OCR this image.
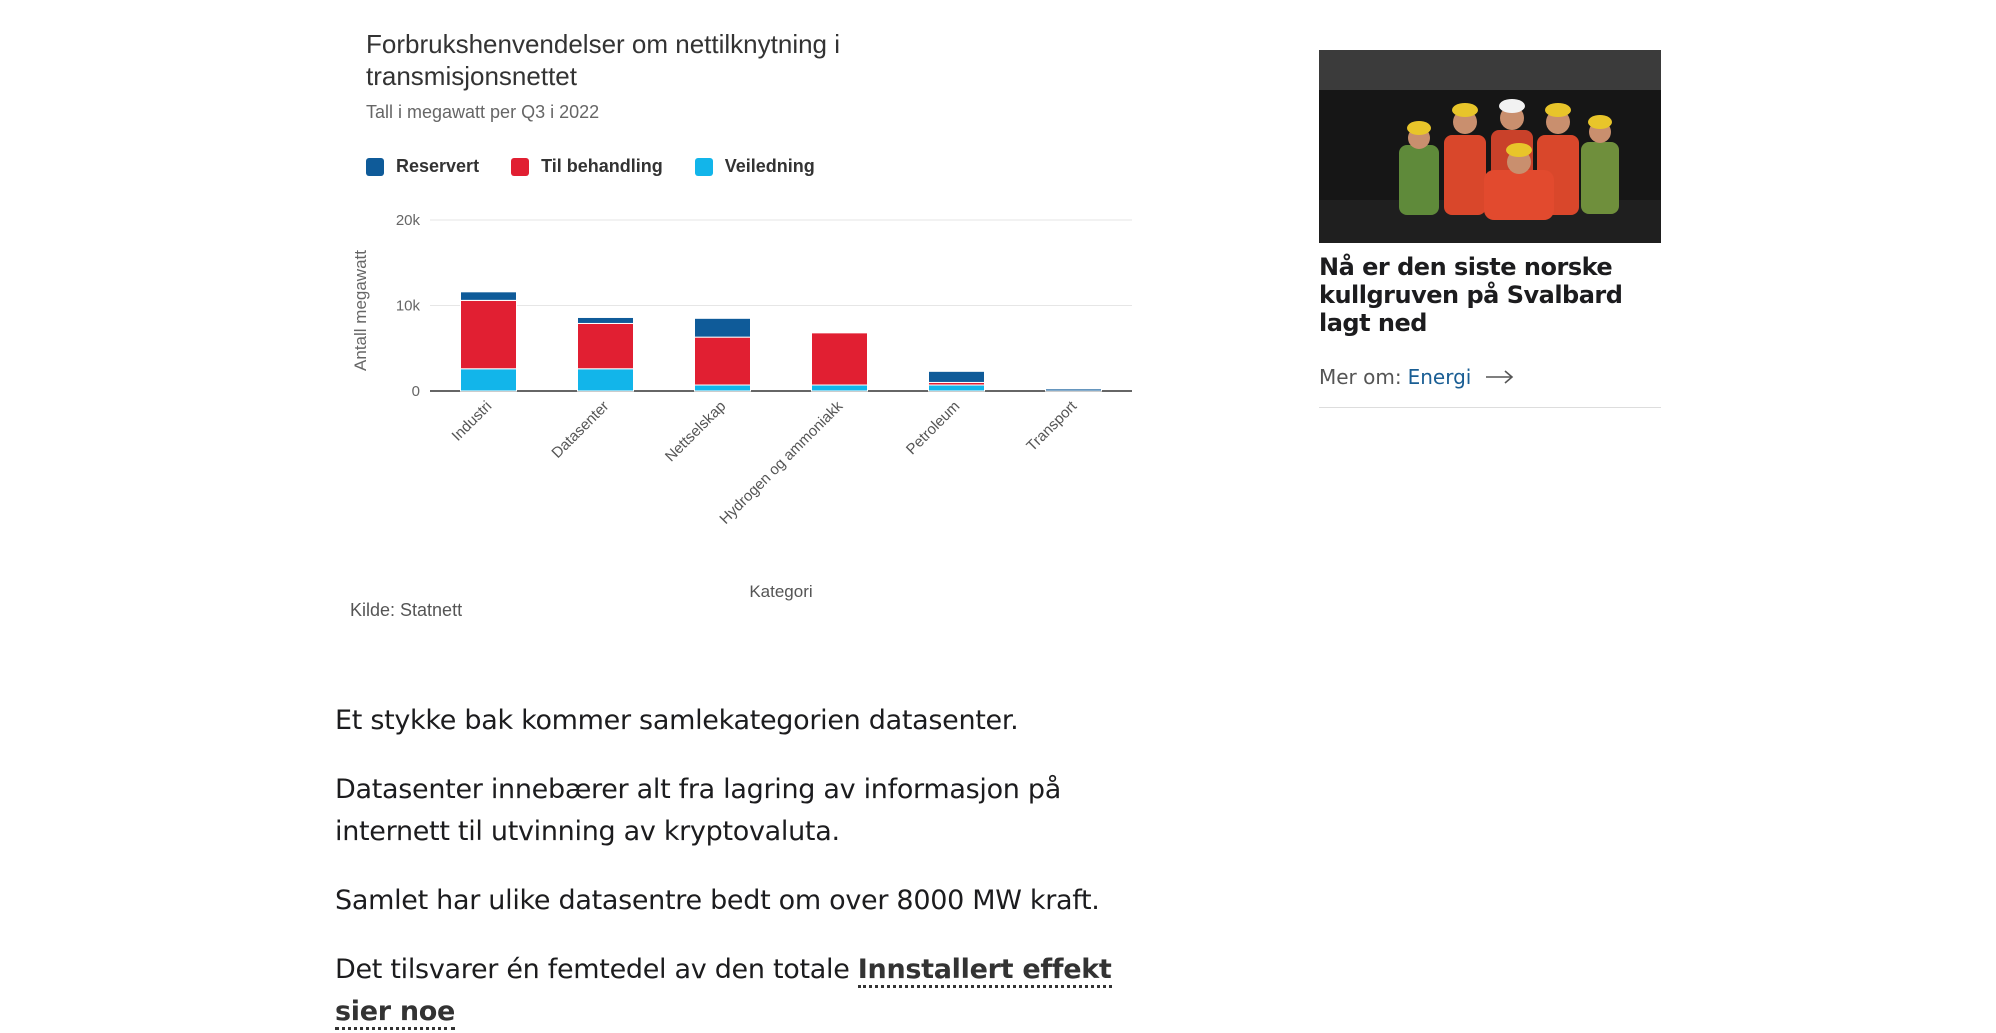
Forbrukshenvendelser om nettilknytning i transmisjonsnettet
Tall i megawatt per Q3 i 2022
Reservert	Til behandling	Veiledning
0
10k
20k
Antall megawatt
Industri	Datasenter	Nettselskap
Hydrogen og ammoniakk	Petroleum	Transport
Kategori
Kilde: Statnett

Et stykke bak kommer samlekategorien datasenter.

Datasenter innebærer alt fra lagring av informasjon på internett til utvinning av kryptovaluta.

Samlet har ulike datasentre bedt om over 8000 MW kraft.

Det tilsvarer én femtedel av den totale Innstallert effekt sier noe

Nå er den siste norske kullgruven på Svalbard lagt ned
Mer om: Energi
